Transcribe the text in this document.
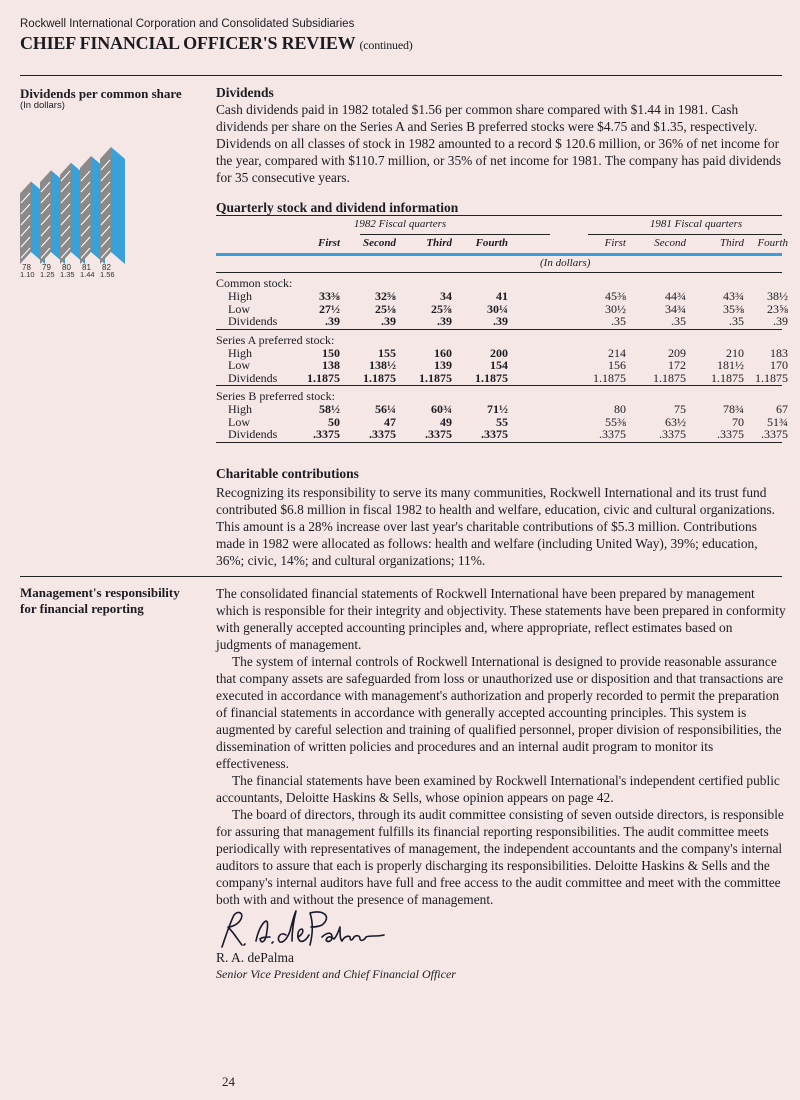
Rockwell International Corporation and Consolidated Subsidiaries
CHIEF FINANCIAL OFFICER'S REVIEW (continued)
Dividends per common share
(In dollars)
78 79 80 81 82
1.10 1.25 1.35 1.44 1.56
Dividends
Cash dividends paid in 1982 totaled $1.56 per common share compared with $1.44 in 1981. Cash dividends per share on the Series A and Series B preferred stocks were $4.75 and $1.35, respectively. Dividends on all classes of stock in 1982 amounted to a record $ 120.6 million, or 36% of net income for the year, compared with $110.7 million, or 35% of net income for 1981. The company has paid dividends for 35 consecutive years.
Quarterly stock and dividend information
1982 Fiscal quarters	1981 Fiscal quarters
First	Second	Third	Fourth	First	Second	Third	Fourth
(In dollars)
Common stock:
High	33⅜	32⅝	34	41	45⅜	44¾	43¾	38½
Low	27½	25⅛	25⅞	30¼	30½	34¾	35⅜	23⅝
Dividends	.39	.39	.39	.39	.35	.35	.35	.39
Series A preferred stock:
High	150	155	160	200	214	209	210	183
Low	138	138½	139	154	156	172	181½	170
Dividends	1.1875	1.1875	1.1875	1.1875	1.1875	1.1875	1.1875 1.1875
Series B preferred stock:
High	58½	56¼	60¾	71½	80	75	78¾	67
Low	50	47	49	55	55⅜	63½	70	51¾
Dividends	.3375	.3375	.3375	.3375	.3375	.3375	.3375	.3375
Charitable contributions
Recognizing its responsibility to serve its many communities, Rockwell International and its trust fund contributed $6.8 million in fiscal 1982 to health and welfare, education, civic and cultural organizations. This amount is a 28% increase over last year's charitable contributions of $5.3 million. Contributions made in 1982 were allocated as follows: health and welfare (including United Way), 39%; education, 36%; civic, 14%; and cultural organizations; 11%.
Management's responsibility
for financial reporting
The consolidated financial statements of Rockwell International have been prepared by management which is responsible for their integrity and objectivity. These statements have been prepared in conformity with generally accepted accounting principles and, where appropriate, reflect estimates based on judgments of management.
The system of internal controls of Rockwell International is designed to provide reasonable assurance that company assets are safeguarded from loss or unauthorized use or disposition and that transactions are executed in accordance with management's authorization and properly recorded to permit the preparation of financial statements in accordance with generally accepted accounting principles. This system is augmented by careful selection and training of qualified personnel, proper division of responsibilities, the dissemination of written policies and procedures and an internal audit program to monitor its effectiveness.
The financial statements have been examined by Rockwell International's independent certified public accountants, Deloitte Haskins & Sells, whose opinion appears on page 42.
The board of directors, through its audit committee consisting of seven outside directors, is responsible for assuring that management fulfills its financial reporting responsibilities. The audit committee meets periodically with representatives of management, the independent accountants and the company's internal auditors to assure that each is properly discharging its responsibilities. Deloitte Haskins & Sells and the company's internal auditors have full and free access to the audit committee and meet with the committee both with and without the presence of management.
R. A. dePalma
Senior Vice President and Chief Financial Officer
24
